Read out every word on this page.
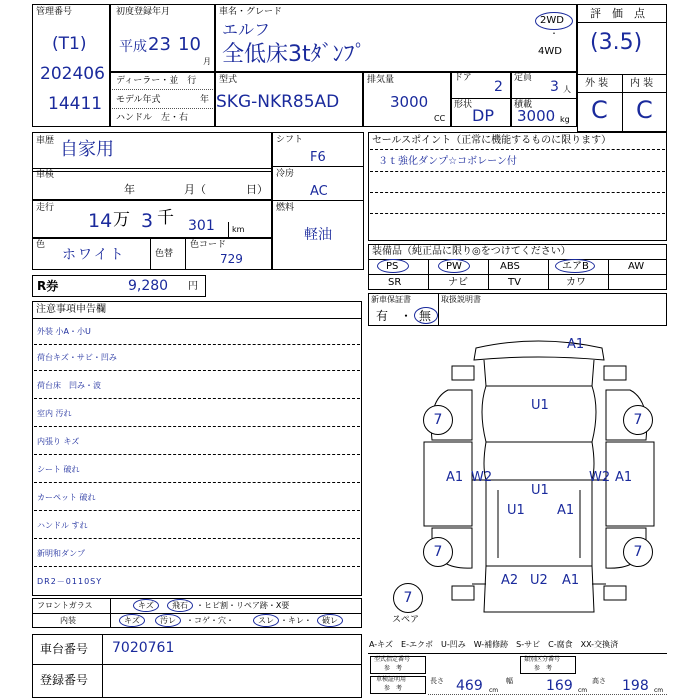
管理番号
(T1)
202406
14411
初度登録年月
平成 23 10
月
車名・グレード
エルフ
全低床3tﾀﾞﾝﾌﾟ
2WD
・
4WD
評　価　点
(3.5)
外 装 内 装
C C
ディーラー・並　行
モデル年式	年
ハンドル　左・右
型式
SKG-NKR85AD
排気量
3000
CC
ドア
2
形状
DP
定員
3 人
積載
3000 kg
車歴 自家用
車検
年	月（	日）
走行
14 万 3 千 301 km
色
ホワイト	色替
色コード
729
シフト
F6
冷房
AC
燃料
軽油
R券	9,280 円
セールスポイント（正常に機能するものに限ります）
３ｔ強化ダンプ☆コボレーン付
装備品（純正品に限り◎をつけてください）
PS	PW	ABS	エアB	AW
SR	ナビ	TV	カワ
新車保証書
有　・ 無
取扱説明書
注意事項申告欄
外装 小A・小U
荷台キズ・サビ・凹み
荷台床　凹み・波
室内 汚れ
内張り キズ
シート 破れ
カーペット 破れ
ハンドル すれ
新明和ダンプ
DR2－0110SY
フロントガラス
内装
キズ 飛石 ・ヒビ割・リペア跡・X要
キズ	汚レ ・コゲ・穴・	スレ ・キレ・ 破レ
A1
U1
7	7
A1 W2	W2 A1
U1
U1 A1
7	7
A2 U2 A1
7
スペア
車台番号 7020761
登録番号
A-キズ　E-エクボ　U-凹み　W-補修跡　S-サビ　C-腐食　XX-交換済
型式指定番号
参　考
類別区分番号
参　考
車検証明用
参　考
長さ 469 cm
幅 169 cm
高さ 198 cm
